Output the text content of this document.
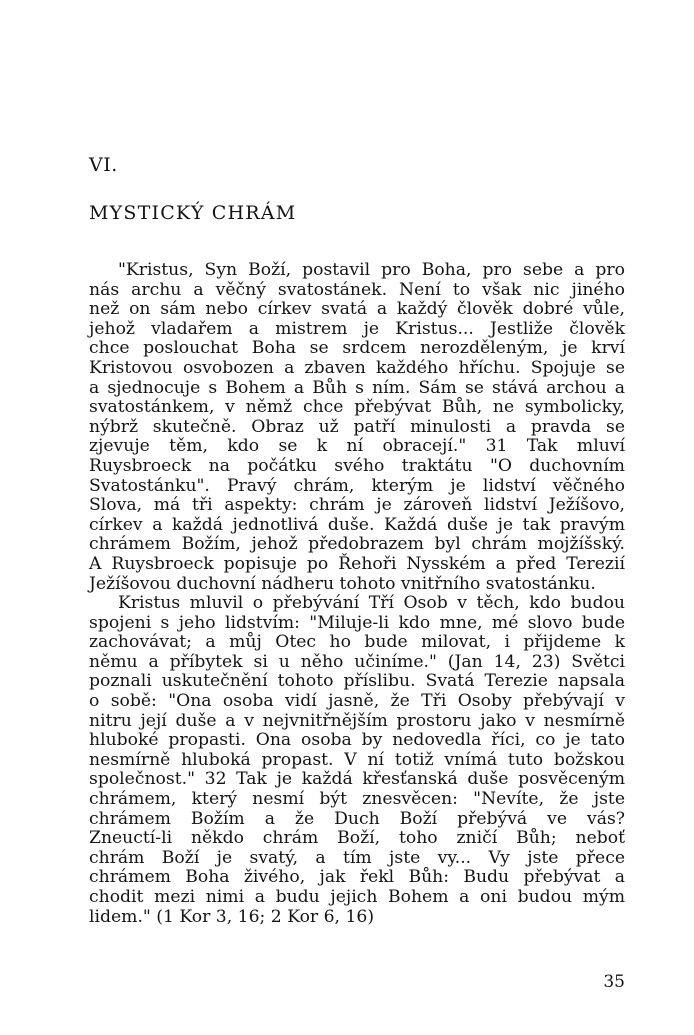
VI.
MYSTICKÝ CHRÁM
"Kristus, Syn Boží, postavil pro Boha, pro sebe a pro
nás archu a věčný svatostánek. Není to však nic jiného
než on sám nebo církev svatá a každý člověk dobré vůle,
jehož vladařem a mistrem je Kristus... Jestliže člověk
chce poslouchat Boha se srdcem nerozděleným, je krví
Kristovou osvobozen a zbaven každého hříchu. Spojuje se
a sjednocuje s Bohem a Bůh s ním. Sám se stává archou a
svatostánkem, v němž chce přebývat Bůh, ne symbolicky,
nýbrž skutečně. Obraz už patří minulosti a pravda se
zjevuje těm, kdo se k ní obracejí." 31 Tak mluví
Ruysbroeck na počátku svého traktátu "O duchovním
Svatostánku". Pravý chrám, kterým je lidství věčného
Slova, má tři aspekty: chrám je zároveň lidství Ježíšovo,
církev a každá jednotlivá duše. Každá duše je tak pravým
chrámem Božím, jehož předobrazem byl chrám mojžíšský.
A Ruysbroeck popisuje po Řehoři Nysském a před Terezií
Ježíšovou duchovní nádheru tohoto vnitřního svatostánku.
Kristus mluvil o přebývání Tří Osob v těch, kdo budou
spojeni s jeho lidstvím: "Miluje-li kdo mne, mé slovo bude
zachovávat; a můj Otec ho bude milovat, i přijdeme k
němu a příbytek si u něho učiníme." (Jan 14, 23) Světci
poznali uskutečnění tohoto příslibu. Svatá Terezie napsala
o sobě: "Ona osoba vidí jasně, že Tři Osoby přebývají v
nitru její duše a v nejvnitřnějším prostoru jako v nesmírně
hluboké propasti. Ona osoba by nedovedla říci, co je tato
nesmírně hluboká propast. V ní totiž vnímá tuto božskou
společnost." 32 Tak je každá křesťanská duše posvěceným
chrámem, který nesmí být znesvěcen: "Nevíte, že jste
chrámem Božím a že Duch Boží přebývá ve vás?
Zneuctí-li někdo chrám Boží, toho zničí Bůh; neboť
chrám Boží je svatý, a tím jste vy... Vy jste přece
chrámem Boha živého, jak řekl Bůh: Budu přebývat a
chodit mezi nimi a budu jejich Bohem a oni budou mým
lidem." (1 Kor 3, 16; 2 Kor 6, 16)
35
